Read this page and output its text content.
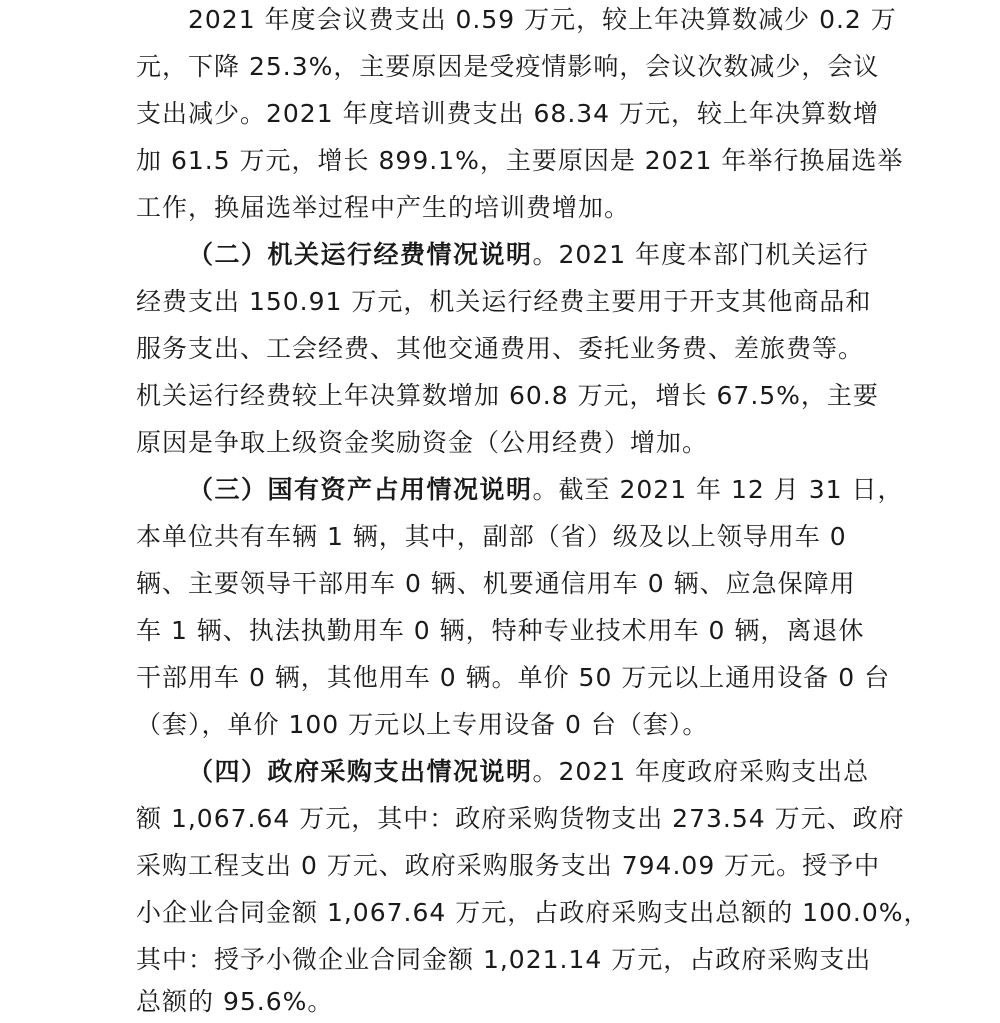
2021 年度会议费支出 0.59 万元，较上年决算数减少 0.2 万
元，下降 25.3%，主要原因是受疫情影响，会议次数减少，会议
支出减少。2021 年度培训费支出 68.34 万元，较上年决算数增
加 61.5 万元，增长 899.1%，主要原因是 2021 年举行换届选举
工作，换届选举过程中产生的培训费增加。
（二）机关运行经费情况说明。2021 年度本部门机关运行
经费支出 150.91 万元，机关运行经费主要用于开支其他商品和
服务支出、工会经费、其他交通费用、委托业务费、差旅费等。
机关运行经费较上年决算数增加 60.8 万元，增长 67.5%，主要
原因是争取上级资金奖励资金（公用经费）增加。
（三）国有资产占用情况说明。截至 2021 年 12 月 31 日，
本单位共有车辆 1 辆，其中，副部（省）级及以上领导用车 0
辆、主要领导干部用车 0 辆、机要通信用车 0 辆、应急保障用
车 1 辆、执法执勤用车 0 辆，特种专业技术用车 0 辆，离退休
干部用车 0 辆，其他用车 0 辆。单价 50 万元以上通用设备 0 台
（套），单价 100 万元以上专用设备 0 台（套）。
（四）政府采购支出情况说明。2021 年度政府采购支出总
额 1,067.64 万元，其中：政府采购货物支出 273.54 万元、政府
采购工程支出 0 万元、政府采购服务支出 794.09 万元。授予中
小企业合同金额 1,067.64 万元，占政府采购支出总额的 100.0%，
其中：授予小微企业合同金额 1,021.14 万元，占政府采购支出
总额的 95.6%。
